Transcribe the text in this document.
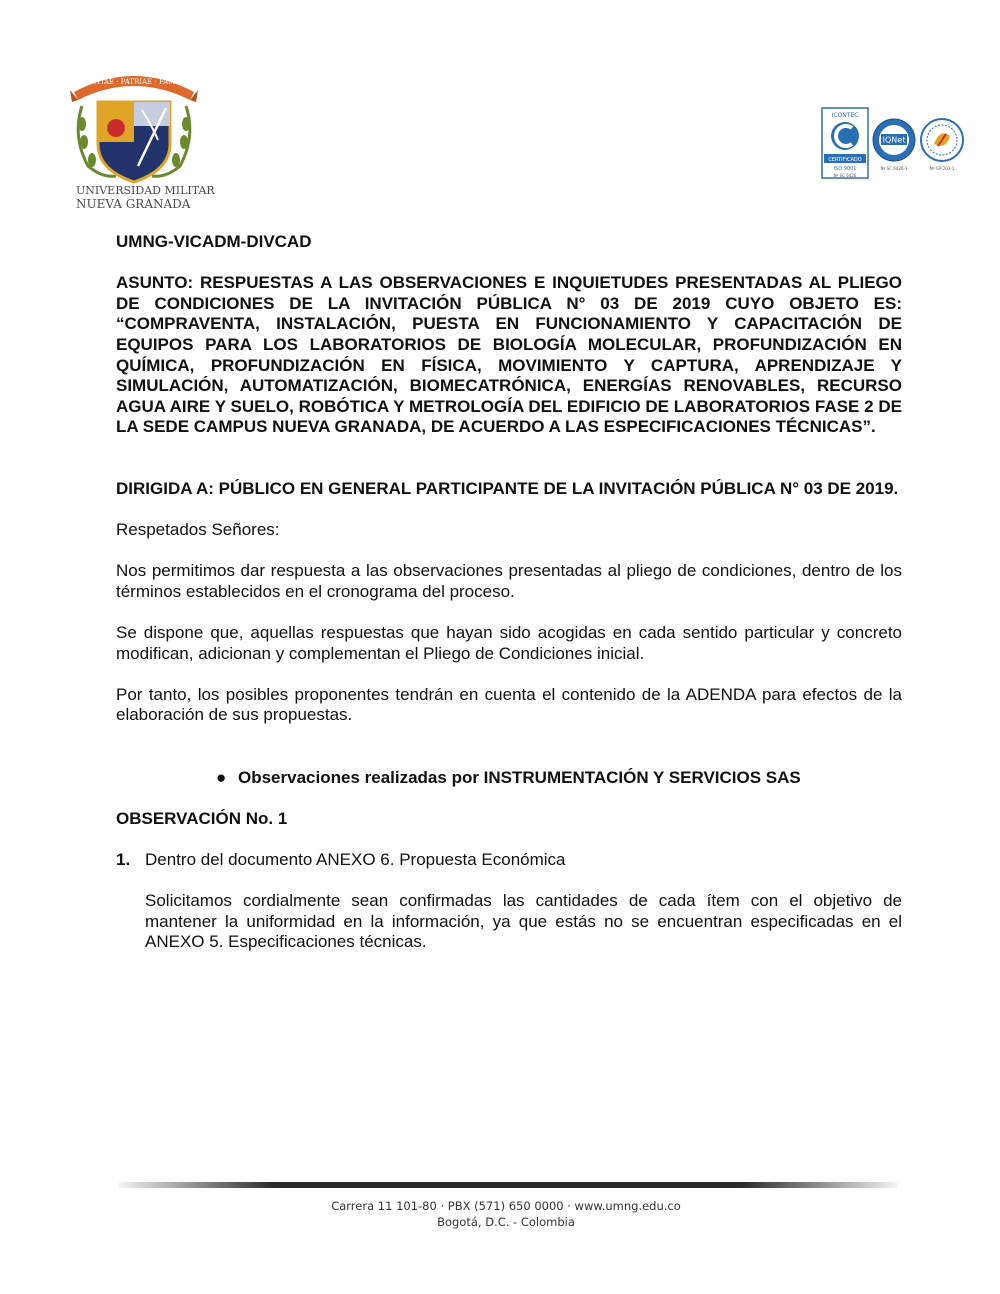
SCIENTIAE · PATRIAE · FAMILIAE
UNIVERSIDAD MILITAR
NUEVA GRANADA
ICONTEC
CERTIFICADO
ISO 9001
Nº SC 6426
IQNet
Nº SC 6426-1	Nº GP 203-1

UMNG-VICADM-DIVCAD

ASUNTO: RESPUESTAS A LAS OBSERVACIONES E INQUIETUDES PRESENTADAS AL PLIEGO DE CONDICIONES DE LA INVITACIÓN PÚBLICA N° 03 DE 2019 CUYO OBJETO ES: “COMPRAVENTA, INSTALACIÓN, PUESTA EN FUNCIONAMIENTO Y CAPACITACIÓN DE EQUIPOS PARA LOS LABORATORIOS DE BIOLOGÍA MOLECULAR, PROFUNDIZACIÓN EN QUÍMICA, PROFUNDIZACIÓN EN FÍSICA, MOVIMIENTO Y CAPTURA, APRENDIZAJE Y SIMULACIÓN, AUTOMATIZACIÓN, BIOMECATRÓNICA, ENERGÍAS RENOVABLES, RECURSO AGUA AIRE Y SUELO, ROBÓTICA Y METROLOGÍA DEL EDIFICIO DE LABORATORIOS FASE 2 DE LA SEDE CAMPUS NUEVA GRANADA, DE ACUERDO A LAS ESPECIFICACIONES TÉCNICAS”.

DIRIGIDA A: PÚBLICO EN GENERAL PARTICIPANTE DE LA INVITACIÓN PÚBLICA N° 03 DE 2019.

Respetados Señores:

Nos permitimos dar respuesta a las observaciones presentadas al pliego de condiciones, dentro de los términos establecidos en el cronograma del proceso.

Se dispone que, aquellas respuestas que hayan sido acogidas en cada sentido particular y concreto modifican, adicionan y complementan el Pliego de Condiciones inicial.

Por tanto, los posibles proponentes tendrán en cuenta el contenido de la ADENDA para efectos de la elaboración de sus propuestas.

● Observaciones realizadas por INSTRUMENTACIÓN Y SERVICIOS SAS

OBSERVACIÓN No. 1

1. Dentro del documento ANEXO 6. Propuesta Económica

Solicitamos cordialmente sean confirmadas las cantidades de cada ítem con el objetivo de mantener la uniformidad en la información, ya que estás no se encuentran especificadas en el ANEXO 5. Especificaciones técnicas.

Carrera 11 101-80 · PBX (571) 650 0000 · www.umng.edu.co
Bogotá, D.C. - Colombia
